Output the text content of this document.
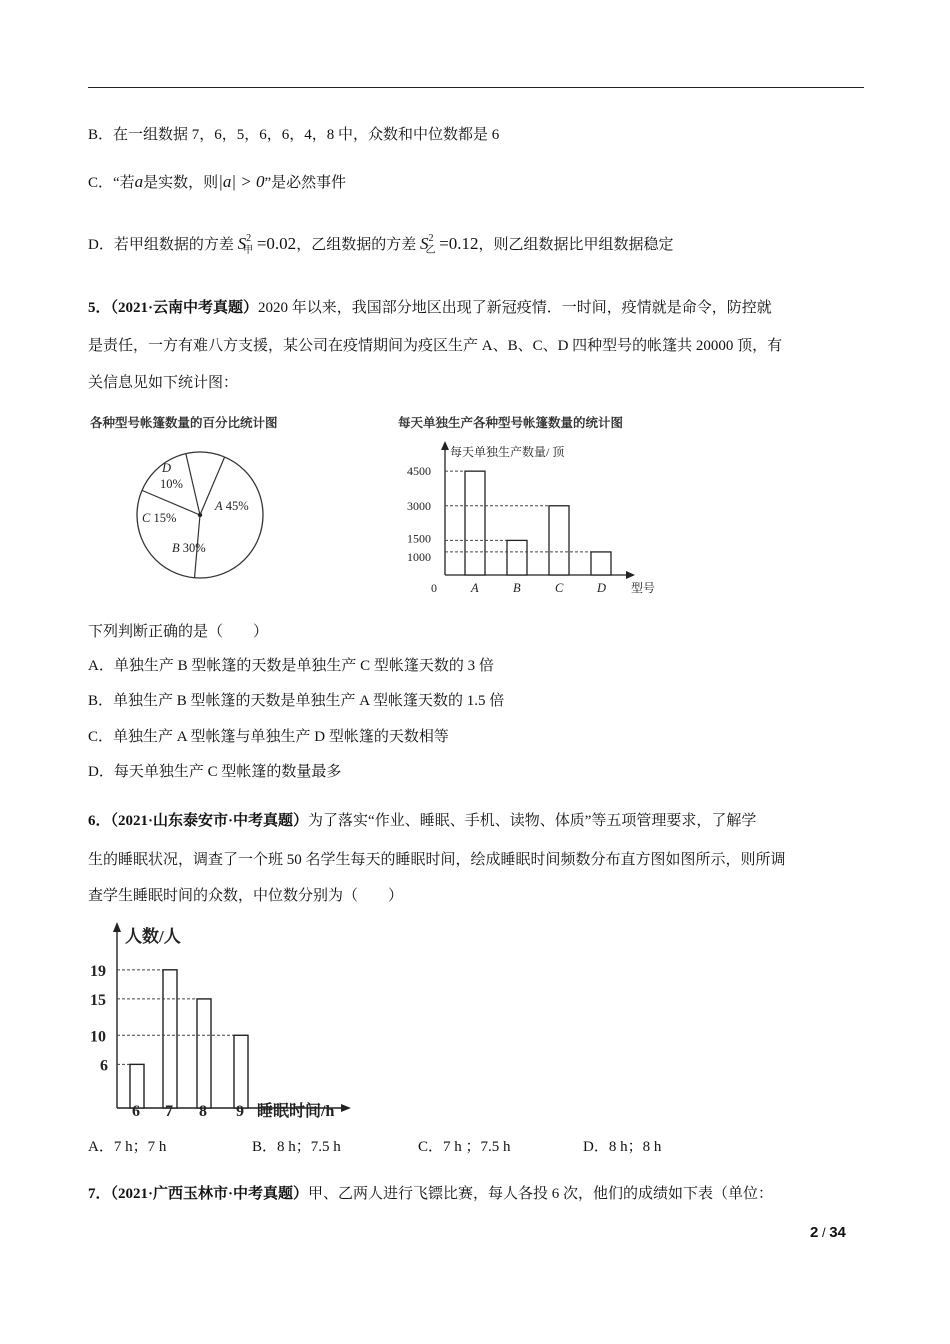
B．在一组数据 7，6，5，6，6，4，8 中，众数和中位数都是 6
C．“若a是实数，则|a| > 0”是必然事件
D．若甲组数据的方差 $S^2_甲 =0.02$，乙组数据的方差 $S^2_乙 =0.12$，则乙组数据比甲组数据稳定
5．（2021·云南中考真题）2020 年以来，我国部分地区出现了新冠疫情．一时间，疫情就是命令，防控就
是责任，一方有难八方支援，某公司在疫情期间为疫区生产 A、B、C、D 四种型号的帐篷共 20000 顶，有
关信息见如下统计图：
各种型号帐篷数量的百分比统计图	每天单独生产各种型号帐篷数量的统计图
A 45%
B 30%
C 15%
D
10%
每天单独生产数量/ 顶
型号
0	A	B	C	D
4500
3000
1500
1000
下列判断正确的是（　　）
A．单独生产 B 型帐篷的天数是单独生产 C 型帐篷天数的 3 倍
B．单独生产 B 型帐篷的天数是单独生产 A 型帐篷天数的 1.5 倍
C．单独生产 A 型帐篷与单独生产 D 型帐篷的天数相等
D．每天单独生产 C 型帐篷的数量最多
6．（2021·山东泰安市·中考真题）为了落实“作业、睡眠、手机、读物、体质”等五项管理要求，了解学
生的睡眠状况，调查了一个班 50 名学生每天的睡眠时间，绘成睡眠时间频数分布直方图如图所示，则所调
查学生睡眠时间的众数，中位数分别为（　　）
人数/人
睡眠时间/h
6 7 8 9
19
15
10
6
A．7 h；7 h	B．8 h；7.5 h	C．7 h ；7.5 h	D．8 h；8 h
7．（2021·广西玉林市·中考真题）甲、乙两人进行飞镖比赛，每人各投 6 次，他们的成绩如下表（单位：
2 / 34
